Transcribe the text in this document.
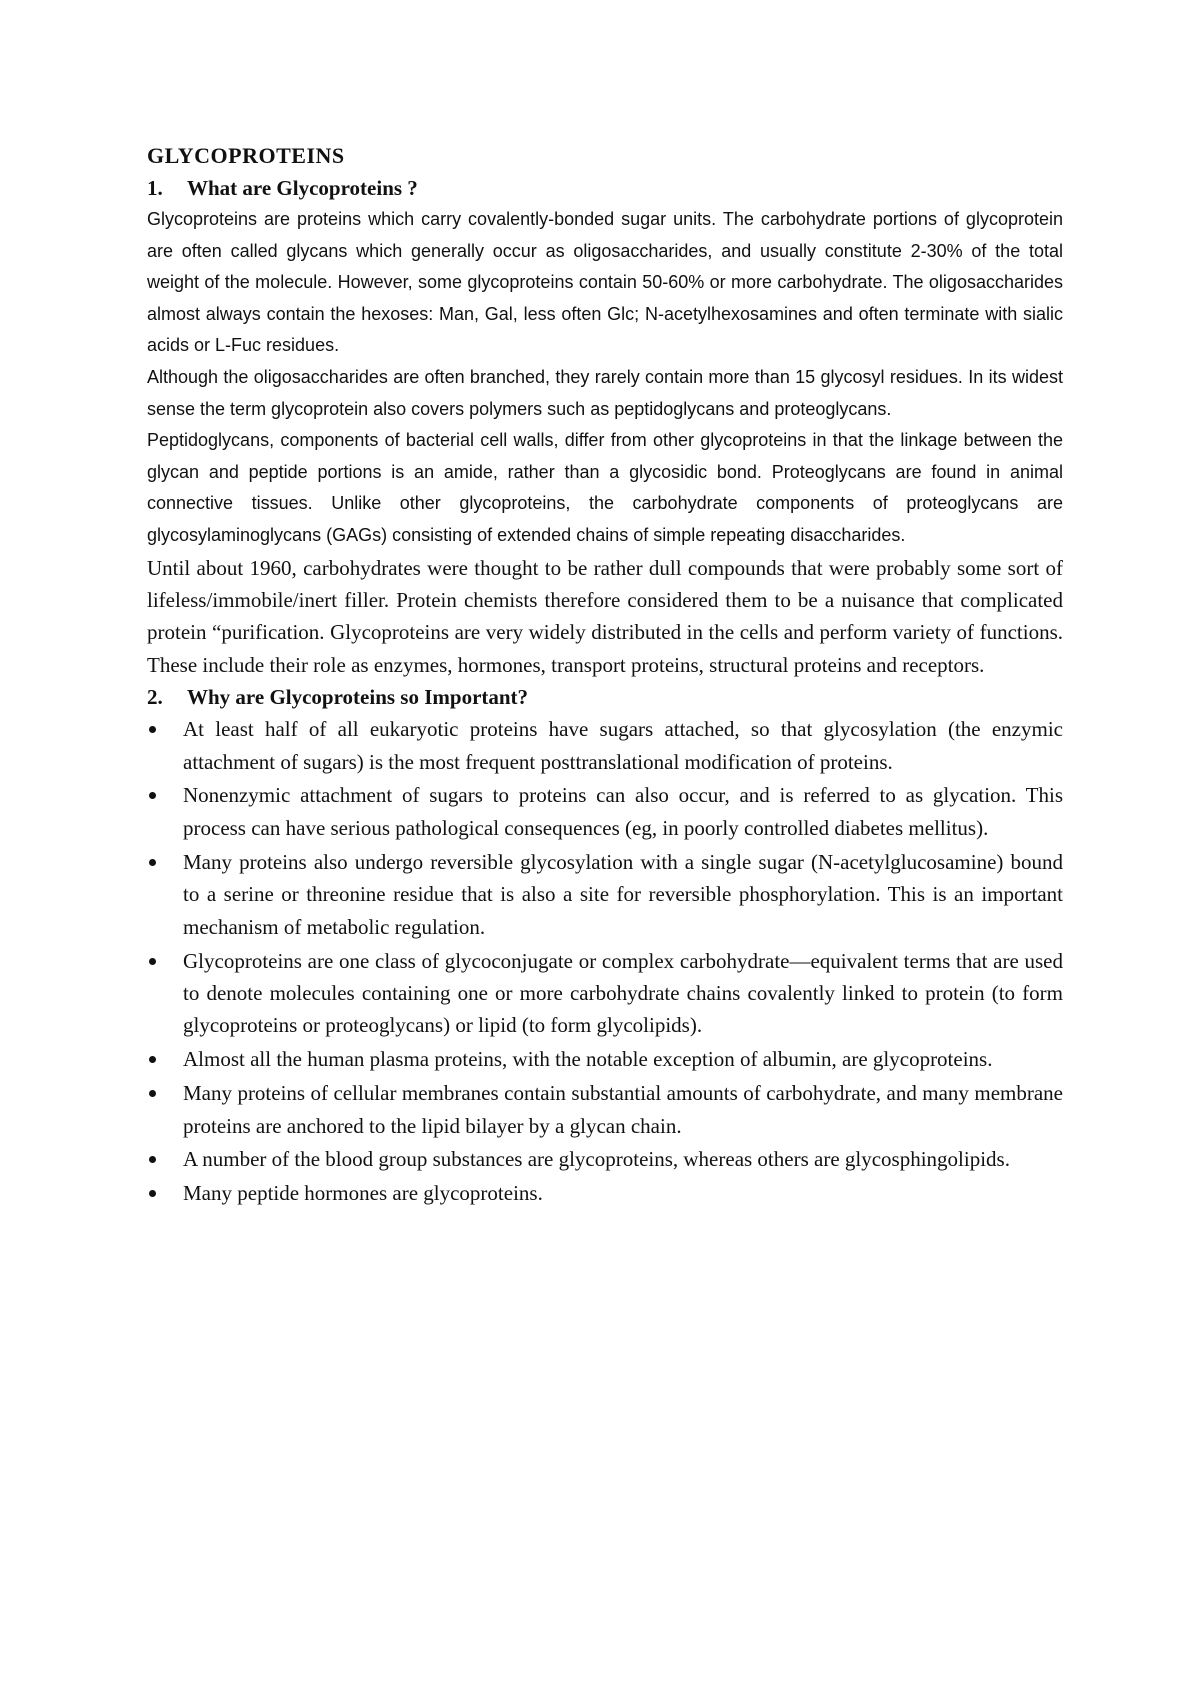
GLYCOPROTEINS
1.	What are Glycoproteins ?

Glycoproteins are proteins which carry covalently-bonded sugar units. The carbohydrate portions of glycoprotein are often called glycans which generally occur as oligosaccharides, and usually constitute 2-30% of the total weight of the molecule. However, some glycoproteins contain 50-60% or more carbohydrate. The oligosaccharides almost always contain the hexoses: Man, Gal, less often Glc; N-acetylhexosamines and often terminate with sialic acids or L-Fuc residues.

Although the oligosaccharides are often branched, they rarely contain more than 15 glycosyl residues. In its widest sense the term glycoprotein also covers polymers such as peptidoglycans and proteoglycans.

Peptidoglycans, components of bacterial cell walls, differ from other glycoproteins in that the linkage between the glycan and peptide portions is an amide, rather than a glycosidic bond. Proteoglycans are found in animal connective tissues. Unlike other glycoproteins, the carbohydrate components of proteoglycans are glycosylaminoglycans (GAGs) consisting of extended chains of simple repeating disaccharides.

Until about 1960, carbohydrates were thought to be rather dull compounds that were probably some sort of lifeless/immobile/inert filler. Protein chemists therefore considered them to be a nuisance that complicated protein “purification. Glycoproteins are very widely distributed in the cells and perform variety of functions. These include their role as enzymes, hormones, transport proteins, structural proteins and receptors.

2.	Why are Glycoproteins so Important?
At least half of all eukaryotic proteins have sugars attached, so that glycosylation (the enzymic attachment of sugars) is the most frequent posttranslational modification of proteins.
Nonenzymic attachment of sugars to proteins can also occur, and is referred to as glycation. This process can have serious pathological consequences (eg, in poorly controlled diabetes mellitus).
Many proteins also undergo reversible glycosylation with a single sugar (N-acetylglucosamine) bound to a serine or threonine residue that is also a site for reversible phosphorylation. This is an important mechanism of metabolic regulation.
Glycoproteins are one class of glycoconjugate or complex carbohydrate—equivalent terms that are used to denote molecules containing one or more carbohydrate chains covalently linked to protein (to form glycoproteins or proteoglycans) or lipid (to form glycolipids).
Almost all the human plasma proteins, with the notable exception of albumin, are glycoproteins.
Many proteins of cellular membranes contain substantial amounts of carbohydrate, and many membrane proteins are anchored to the lipid bilayer by a glycan chain.
A number of the blood group substances are glycoproteins, whereas others are glycosphingolipids.
Many peptide hormones are glycoproteins.
